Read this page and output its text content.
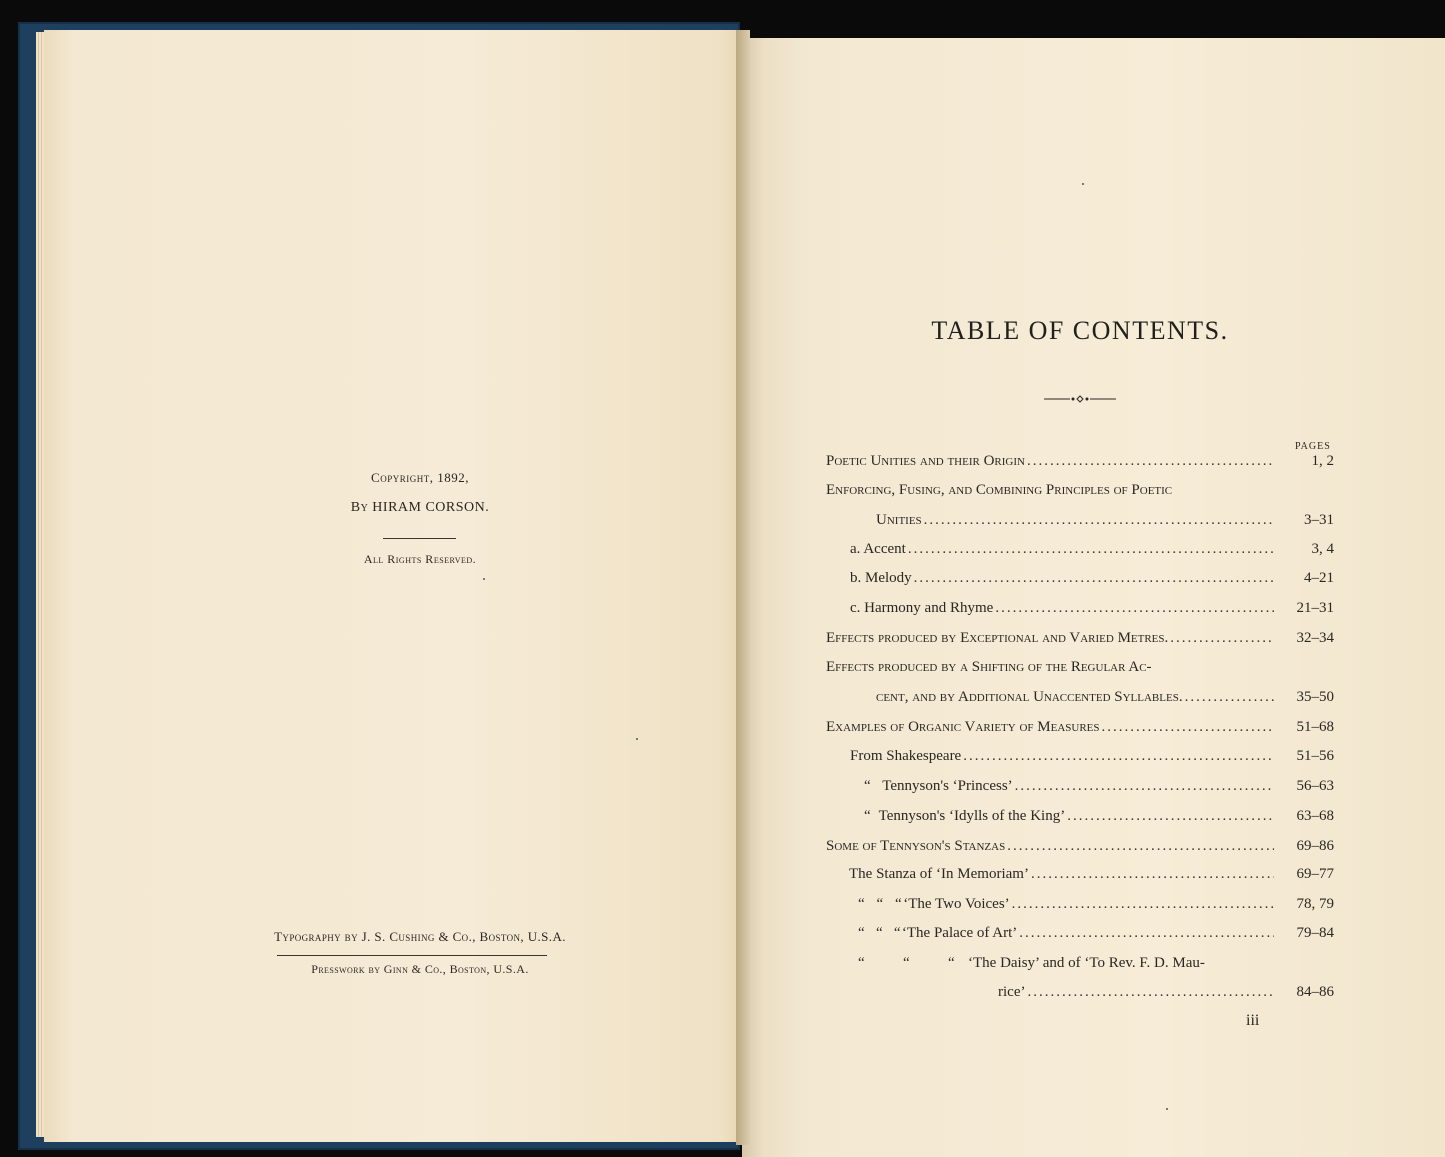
Copyright, 1892,
By HIRAM CORSON.
All Rights Reserved.
Typography by J. S. Cushing & Co., Boston, U.S.A.
Presswork by Ginn & Co., Boston, U.S.A.
TABLE OF CONTENTS.
PAGES
Poetic Unities and their Origin .....	1, 2
Enforcing, Fusing, and Combining Principles of Poetic
Unities .....	3–31
a. Accent .....	3, 4
b. Melody .....	4–21
c. Harmony and Rhyme .....	21–31
Effects produced by Exceptional and Varied Metres. .....	32–34
Effects produced by a Shifting of the Regular Ac-
cent, and by Additional Unaccented Syllables. .....	35–50
Examples of Organic Variety of Measures .....	51–68
From Shakespeare .....	51–56
“ Tennyson's ‘Princess’ .....	56–63
“ Tennyson's ‘Idylls of the King’ .....	63–68
Some of Tennyson's Stanzas .....	69–86
The Stanza of ‘In Memoriam’ .....	69–77
“ “ “ ‘The Two Voices’ .....	78, 79
“ “ “ ‘The Palace of Art’ .....	79–84
“	“	“ ‘The Daisy’ and of ‘To Rev. F. D. Mau-
rice’ .....	84–86
iii
